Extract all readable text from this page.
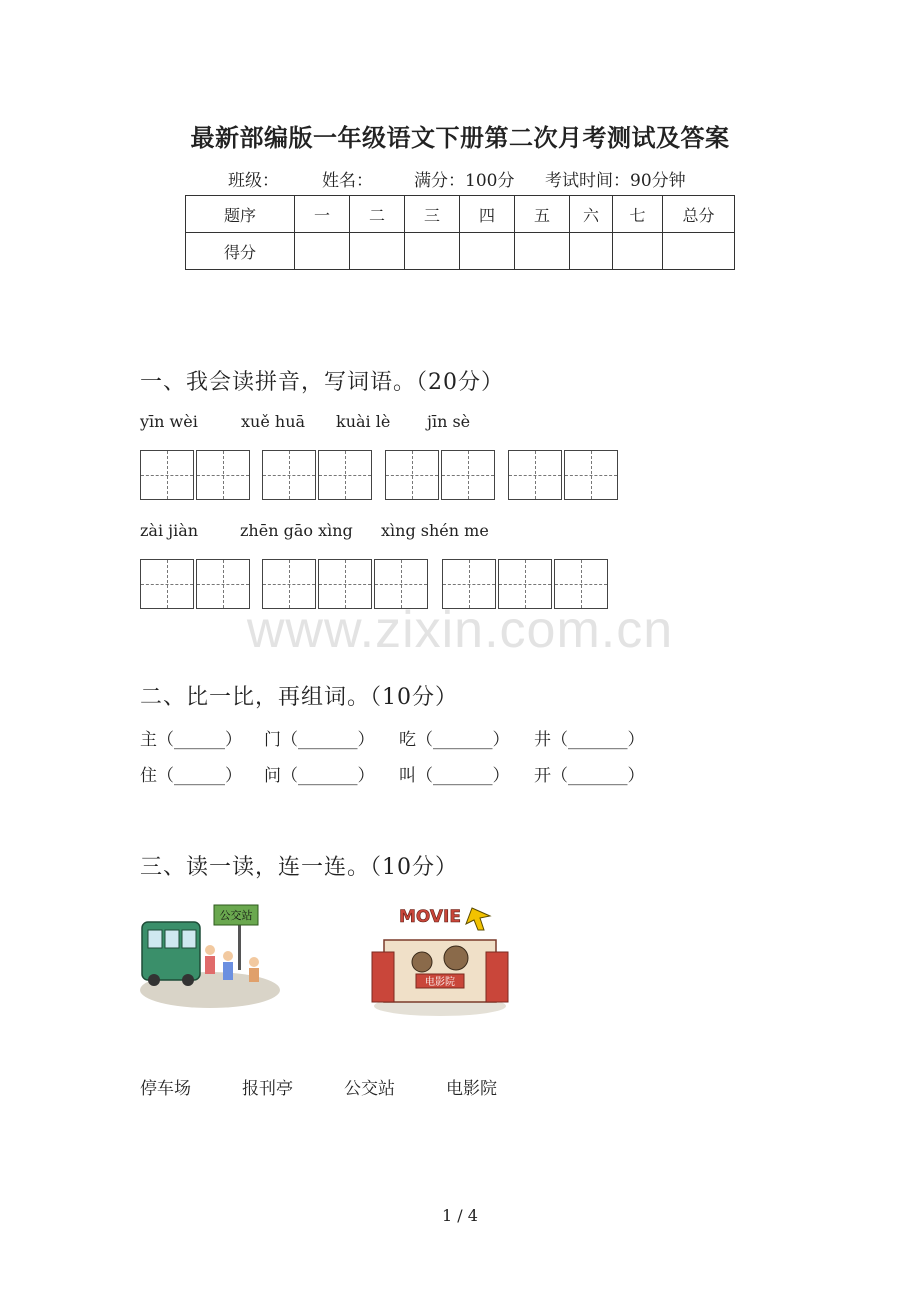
最新部编版一年级语文下册第二次月考测试及答案
班级：	姓名： 满分：100分 考试时间：90分钟
题序	一	二	三	四	五	六	七	总分
得分								
一、我会读拼音，写词语。（20分）
yīn wèi	xuě huā kuài lè jīn sè
zài jiàn	zhēn gāo xìng xìng shén me
www.zixin.com.cn
二、比一比，再组词。（10分）
主（______） 门（_______） 吃（_______） 井（_______）
住（______） 问（_______） 叫（_______） 开（_______）
三、读一读，连一连。（10分）
公交站
电影院
MOVIE
停车场	报刊亭	公交站	电影院
1 / 4
